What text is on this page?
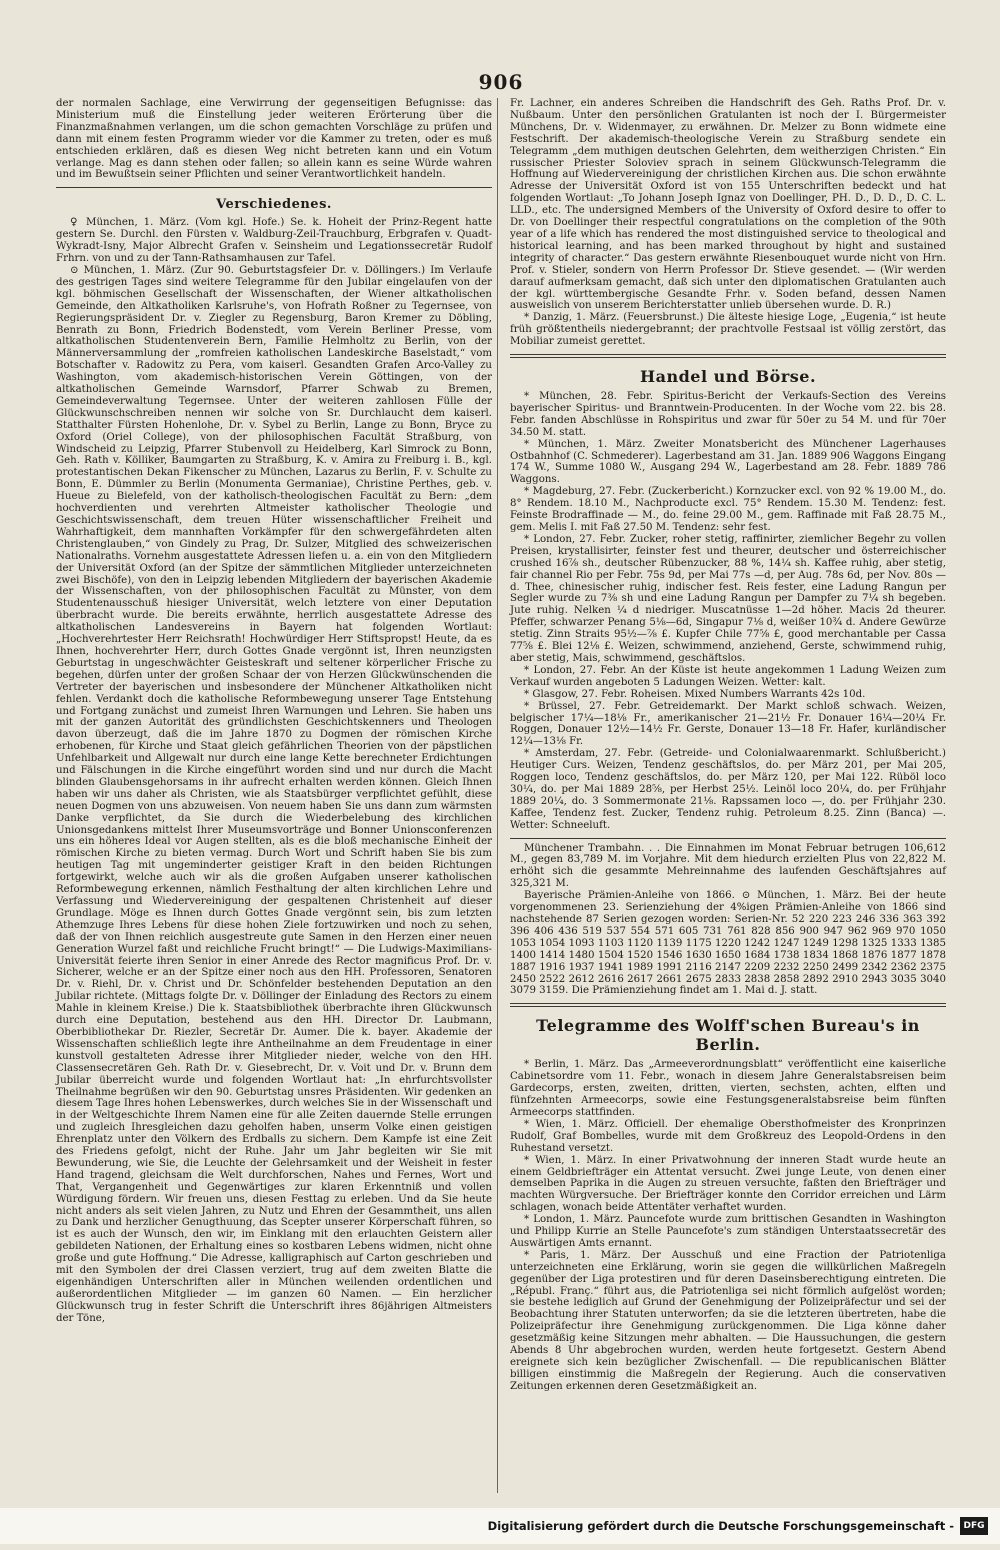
906

der normalen Sachlage, eine Verwirrung der gegenseitigen Befugnisse: das Ministerium muß die Einstellung jeder weiteren Erörterung über die Finanzmaßnahmen verlangen, um die schon gemachten Vorschläge zu prüfen und dann mit einem festen Programm wieder vor die Kammer zu treten, oder es muß entschieden erklären, daß es diesen Weg nicht betreten kann und ein Votum verlange. Mag es dann stehen oder fallen; so allein kann es seine Würde wahren und im Bewußtsein seiner Pflichten und seiner Verantwortlichkeit handeln.

Verschiedenes.

♀ München, 1. März. (Vom kgl. Hofe.) Se. k. Hoheit der Prinz-Regent hatte gestern Se. Durchl. den Fürsten v. Waldburg-Zeil-Trauchburg, Erbgrafen v. Quadt-Wykradt-Isny, Major Albrecht Grafen v. Seinsheim und Legationssecretär Rudolf Frhrn. von und zu der Tann-Rathsamhausen zur Tafel.

⊙ München, 1. März. (Zur 90. Geburtstagsfeier Dr. v. Döllingers.) Im Verlaufe des gestrigen Tages sind weitere Telegramme für den Jubilar eingelaufen von der kgl. böhmischen Gesellschaft der Wissenschaften, der Wiener altkatholischen Gemeinde, den Altkatholiken Karlsruhe's, von Hofrath Roßner zu Tegernsee, von Regierungspräsident Dr. v. Ziegler zu Regensburg, Baron Kremer zu Döbling, Benrath zu Bonn, Friedrich Bodenstedt, vom Verein Berliner Presse, vom altkatholischen Studentenverein Bern, Familie Helmholtz zu Berlin, von der Männerversammlung der „romfreien katholischen Landeskirche Baselstadt,“ vom Botschafter v. Radowitz zu Pera, vom kaiserl. Gesandten Grafen Arco-Valley zu Washington, vom akademisch-historischen Verein Göttingen, von der altkatholischen Gemeinde Warnsdorf, Pfarrer Schwab zu Bremen, Gemeindeverwaltung Tegernsee. Unter der weiteren zahllosen Fülle der Glückwunschschreiben nennen wir solche von Sr. Durchlaucht dem kaiserl. Statthalter Fürsten Hohenlohe, Dr. v. Sybel zu Berlin, Lange zu Bonn, Bryce zu Oxford (Oriel College), von der philosophischen Facultät Straßburg, von Windscheid zu Leipzig, Pfarrer Stubenvoll zu Heidelberg, Karl Simrock zu Bonn, Geh. Rath v. Kölliker, Baumgarten zu Straßburg, K. v. Amira zu Freiburg i. B., kgl. protestantischen Dekan Fikenscher zu München, Lazarus zu Berlin, F. v. Schulte zu Bonn, E. Dümmler zu Berlin (Monumenta Germaniae), Christine Perthes, geb. v. Hueue zu Bielefeld, von der katholisch-theologischen Facultät zu Bern: „dem hochverdienten und verehrten Altmeister katholischer Theologie und Geschichtswissenschaft, dem treuen Hüter wissenschaftlicher Freiheit und Wahrhaftigkeit, dem mannhaften Vorkämpfer für den schwergefährdeten alten Christenglauben,“ von Gindely zu Prag, Dr. Sulzer, Mitglied des schweizerischen Nationalraths. Vornehm ausgestattete Adressen liefen u. a. ein von den Mitgliedern der Universität Oxford (an der Spitze der sämmtlichen Mitglieder unterzeichneten zwei Bischöfe), von den in Leipzig lebenden Mitgliedern der bayerischen Akademie der Wissenschaften, von der philosophischen Facultät zu Münster, von dem Studentenausschuß hiesiger Universität, welch letztere von einer Deputation überbracht wurde. Die bereits erwähnte, herrlich ausgestattete Adresse des altkatholischen Landesvereins in Bayern hat folgenden Wortlaut: „Hochverehrtester Herr Reichsrath! Hochwürdiger Herr Stiftspropst! Heute, da es Ihnen, hochverehrter Herr, durch Gottes Gnade vergönnt ist, Ihren neunzigsten Geburtstag in ungeschwächter Geisteskraft und seltener körperlicher Frische zu begehen, dürfen unter der großen Schaar der von Herzen Glückwünschenden die Vertreter der bayerischen und insbesondere der Münchener Altkatholiken nicht fehlen. Verdankt doch die katholische Reformbewegung unserer Tage Entstehung und Fortgang zunächst und zumeist Ihren Warnungen und Lehren. Sie haben uns mit der ganzen Autorität des gründlichsten Geschichtskenners und Theologen davon überzeugt, daß die im Jahre 1870 zu Dogmen der römischen Kirche erhobenen, für Kirche und Staat gleich gefährlichen Theorien von der päpstlichen Unfehlbarkeit und Allgewalt nur durch eine lange Kette berechneter Erdichtungen und Fälschungen in die Kirche eingeführt worden sind und nur durch die Macht blinden Glaubensgehorsams in ihr aufrecht erhalten werden können. Gleich Ihnen haben wir uns daher als Christen, wie als Staatsbürger verpflichtet gefühlt, diese neuen Dogmen von uns abzuweisen. Von neuem haben Sie uns dann zum wärmsten Danke verpflichtet, da Sie durch die Wiederbelebung des kirchlichen Unionsgedankens mittelst Ihrer Museumsvorträge und Bonner Unionsconferenzen uns ein höheres Ideal vor Augen stellten, als es die bloß mechanische Einheit der römischen Kirche zu bieten vermag. Durch Wort und Schrift haben Sie bis zum heutigen Tag mit ungeminderter geistiger Kraft in den beiden Richtungen fortgewirkt, welche auch wir als die großen Aufgaben unserer katholischen Reformbewegung erkennen, nämlich Festhaltung der alten kirchlichen Lehre und Verfassung und Wiedervereinigung der gespaltenen Christenheit auf dieser Grundlage. Möge es Ihnen durch Gottes Gnade vergönnt sein, bis zum letzten Athemzuge Ihres Lebens für diese hohen Ziele fortzuwirken und noch zu sehen, daß der von Ihnen reichlich ausgestreute gute Samen in den Herzen einer neuen Generation Wurzel faßt und reichliche Frucht bringt!“ — Die Ludwigs-Maximilians-Universität feierte ihren Senior in einer Anrede des Rector magnificus Prof. Dr. v. Sicherer, welche er an der Spitze einer noch aus den HH. Professoren, Senatoren Dr. v. Riehl, Dr. v. Christ und Dr. Schönfelder bestehenden Deputation an den Jubilar richtete. (Mittags folgte Dr. v. Döllinger der Einladung des Rectors zu einem Mahle in kleinem Kreise.) Die k. Staatsbibliothek überbrachte ihren Glückwunsch durch eine Deputation, bestehend aus den HH. Director Dr. Laubmann, Oberbibliothekar Dr. Riezler, Secretär Dr. Aumer. Die k. bayer. Akademie der Wissenschaften schließlich legte ihre Antheilnahme an dem Freudentage in einer kunstvoll gestalteten Adresse ihrer Mitglieder nieder, welche von den HH. Classensecretären Geh. Rath Dr. v. Giesebrecht, Dr. v. Voit und Dr. v. Brunn dem Jubilar überreicht wurde und folgenden Wortlaut hat: „In ehrfurchtsvollster Theilnahme begrüßen wir den 90. Geburtstag unsres Präsidenten. Wir gedenken an diesem Tage Ihres hohen Lebenswerkes, durch welches Sie in der Wissenschaft und in der Weltgeschichte Ihrem Namen eine für alle Zeiten dauernde Stelle errungen und zugleich Ihresgleichen dazu geholfen haben, unserm Volke einen geistigen Ehrenplatz unter den Völkern des Erdballs zu sichern. Dem Kampfe ist eine Zeit des Friedens gefolgt, nicht der Ruhe. Jahr um Jahr begleiten wir Sie mit Bewunderung, wie Sie, die Leuchte der Gelehrsamkeit und der Weisheit in fester Hand tragend, gleichsam die Welt durchforschen, Nahes und Fernes, Wort und That, Vergangenheit und Gegenwärtiges zur klaren Erkenntniß und vollen Würdigung fördern. Wir freuen uns, diesen Festtag zu erleben. Und da Sie heute nicht anders als seit vielen Jahren, zu Nutz und Ehren der Gesammtheit, uns allen zu Dank und herzlicher Genugthuung, das Scepter unserer Körperschaft führen, so ist es auch der Wunsch, den wir, im Einklang mit den erlauchten Geistern aller gebildeten Nationen, der Erhaltung eines so kostbaren Lebens widmen, nicht ohne große und gute Hoffnung.“ Die Adresse, kalligraphisch auf Carton geschrieben und mit den Symbolen der drei Classen verziert, trug auf dem zweiten Blatte die eigenhändigen Unterschriften aller in München weilenden ordentlichen und außerordentlichen Mitglieder — im ganzen 60 Namen. — Ein herzlicher Glückwunsch trug in fester Schrift die Unterschrift ihres 86jährigen Altmeisters der Töne,

Fr. Lachner, ein anderes Schreiben die Handschrift des Geh. Raths Prof. Dr. v. Nußbaum. Unter den persönlichen Gratulanten ist noch der I. Bürgermeister Münchens, Dr. v. Widenmayer, zu erwähnen. Dr. Melzer zu Bonn widmete eine Festschrift. Der akademisch-theologische Verein zu Straßburg sendete ein Telegramm „dem muthigen deutschen Gelehrten, dem weitherzigen Christen.“ Ein russischer Priester Soloviev sprach in seinem Glückwunsch-Telegramm die Hoffnung auf Wiedervereinigung der christlichen Kirchen aus. Die schon erwähnte Adresse der Universität Oxford ist von 155 Unterschriften bedeckt und hat folgenden Wortlaut: „To Johann Joseph Ignaz von Doellinger, PH. D., D. D., D. C. L. LLD., etc. The undersigned Members of the University of Oxford desire to offer to Dr. von Doellinger their respectful congratulations on the completion of the 90th year of a life which has rendered the most distinguished service to theological and historical learning, and has been marked throughout by hight and sustained integrity of character.“ Das gestern erwähnte Riesenbouquet wurde nicht von Hrn. Prof. v. Stieler, sondern von Herrn Professor Dr. Stieve gesendet. — (Wir werden darauf aufmerksam gemacht, daß sich unter den diplomatischen Gratulanten auch der kgl. württembergische Gesandte Frhr. v. Soden befand, dessen Namen ausweislich von unserem Berichterstatter unlieb übersehen wurde. D. R.)

* Danzig, 1. März. (Feuersbrunst.) Die älteste hiesige Loge, „Eugenia,“ ist heute früh größtentheils niedergebrannt; der prachtvolle Festsaal ist völlig zerstört, das Mobiliar zumeist gerettet.

Handel und Börse.

* München, 28. Febr. Spiritus-Bericht der Verkaufs-Section des Vereins bayerischer Spiritus- und Branntwein-Producenten. In der Woche vom 22. bis 28. Febr. fanden Abschlüsse in Rohspiritus und zwar für 50er zu 54 M. und für 70er 34.50 M. statt.

* München, 1. März. Zweiter Monatsbericht des Münchener Lagerhauses Ostbahnhof (C. Schmederer). Lagerbestand am 31. Jan. 1889 906 Waggons Eingang 174 W., Summe 1080 W., Ausgang 294 W., Lagerbestand am 28. Febr. 1889 786 Waggons.

* Magdeburg, 27. Febr. (Zuckerbericht.) Kornzucker excl. von 92 % 19.00 M., do. 8° Rendem. 18.10 M., Nachproducte excl. 75° Rendem. 15.30 M. Tendenz: fest. Feinste Brodraffinade — M., do. feine 29.00 M., gem. Raffinade mit Faß 28.75 M., gem. Melis I. mit Faß 27.50 M. Tendenz: sehr fest.

* London, 27. Febr. Zucker, roher stetig, raffinirter, ziemlicher Begehr zu vollen Preisen, krystallisirter, feinster fest und theurer, deutscher und österreichischer crushed 16⅞ sh., deutscher Rübenzucker, 88 %, 14¼ sh. Kaffee ruhig, aber stetig, fair channel Rio per Febr. 75s 9d, per Mai 77s —d, per Aug. 78s 6d, per Nov. 80s —d. Thee, chinesischer ruhig, indischer fest. Reis fester, eine Ladung Rangun per Segler wurde zu 7⅜ sh und eine Ladung Rangun per Dampfer zu 7¼ sh begeben. Jute ruhig. Nelken ¼ d niedriger. Muscatnüsse 1—2d höher. Macis 2d theurer. Pfeffer, schwarzer Penang 5⅛—6d, Singapur 7⅛ d, weißer 10¾ d. Andere Gewürze stetig. Zinn Straits 95½—⅞ £. Kupfer Chile 77⅝ £, good merchantable per Cassa 77⅝ £. Blei 12⅛ £. Weizen, schwimmend, anziehend, Gerste, schwimmend ruhig, aber stetig, Mais, schwimmend, geschäftslos.

* London, 27. Febr. An der Küste ist heute angekommen 1 Ladung Weizen zum Verkauf wurden angeboten 5 Ladungen Weizen. Wetter: kalt.

* Glasgow, 27. Febr. Roheisen. Mixed Numbers Warrants 42s 10d.

* Brüssel, 27. Febr. Getreidemarkt. Der Markt schloß schwach. Weizen, belgischer 17¼—18⅛ Fr., amerikanischer 21—21½ Fr. Donauer 16¼—20¼ Fr. Roggen, Donauer 12½—14½ Fr. Gerste, Donauer 13—18 Fr. Hafer, kurländischer 12¼—13⅛ Fr.

* Amsterdam, 27. Febr. (Getreide- und Colonialwaarenmarkt. Schlußbericht.) Heutiger Curs. Weizen, Tendenz geschäftslos, do. per März 201, per Mai 205, Roggen loco, Tendenz geschäftslos, do. per März 120, per Mai 122. Rüböl loco 30¼, do. per Mai 1889 28⅝, per Herbst 25½. Leinöl loco 20¼, do. per Frühjahr 1889 20¼, do. 3 Sommermonate 21⅛. Rapssamen loco —, do. per Frühjahr 230. Kaffee, Tendenz fest. Zucker, Tendenz ruhig. Petroleum 8.25. Zinn (Banca) —. Wetter: Schneeluft.

Münchener Trambahn. . . Die Einnahmen im Monat Februar betrugen 106,612 M., gegen 83,789 M. im Vorjahre. Mit dem hiedurch erzielten Plus von 22,822 M. erhöht sich die gesammte Mehreinnahme des laufenden Geschäftsjahres auf 325,321 M.

Bayerische Prämien-Anleihe von 1866. ⊙ München, 1. März. Bei der heute vorgenommenen 23. Serienziehung der 4%igen Prämien-Anleihe von 1866 sind nachstehende 87 Serien gezogen worden: Serien-Nr. 52 220 223 246 336 363 392 396 406 436 519 537 554 571 605 731 761 828 856 900 947 962 969 970 1050 1053 1054 1093 1103 1120 1139 1175 1220 1242 1247 1249 1298 1325 1333 1385 1400 1414 1480 1504 1520 1546 1630 1650 1684 1738 1834 1868 1876 1877 1878 1887 1916 1937 1941 1989 1991 2116 2147 2209 2232 2250 2499 2342 2362 2375 2450 2522 2612 2616 2617 2661 2675 2833 2838 2858 2892 2910 2943 3035 3040 3079 3159. Die Prämienziehung findet am 1. Mai d. J. statt.

Telegramme des Wolff'schen Bureau's in Berlin.

* Berlin, 1. März. Das „Armeeverordnungsblatt“ veröffentlicht eine kaiserliche Cabinetsordre vom 11. Febr., wonach in diesem Jahre Generalstabsreisen beim Gardecorps, ersten, zweiten, dritten, vierten, sechsten, achten, elften und fünfzehnten Armeecorps, sowie eine Festungsgeneralstabsreise beim fünften Armeecorps stattfinden.

* Wien, 1. März. Officiell. Der ehemalige Obersthofmeister des Kronprinzen Rudolf, Graf Bombelles, wurde mit dem Großkreuz des Leopold-Ordens in den Ruhestand versetzt.

* Wien, 1. März. In einer Privatwohnung der inneren Stadt wurde heute an einem Geldbriefträger ein Attentat versucht. Zwei junge Leute, von denen einer demselben Paprika in die Augen zu streuen versuchte, faßten den Briefträger und machten Würgversuche. Der Briefträger konnte den Corridor erreichen und Lärm schlagen, wonach beide Attentäter verhaftet wurden.

* London, 1. März. Pauncefote wurde zum brittischen Gesandten in Washington und Philipp Kurrie an Stelle Pauncefote's zum ständigen Unterstaatssecretär des Auswärtigen Amts ernannt.

* Paris, 1. März. Der Ausschuß und eine Fraction der Patriotenliga unterzeichneten eine Erklärung, worin sie gegen die willkürlichen Maßregeln gegenüber der Liga protestiren und für deren Daseinsberechtigung eintreten. Die „Républ. Franç.“ führt aus, die Patriotenliga sei nicht förmlich aufgelöst worden; sie bestehe lediglich auf Grund der Genehmigung der Polizeipräfectur und sei der Beobachtung ihrer Statuten unterworfen; da sie die letzteren übertreten, habe die Polizeipräfectur ihre Genehmigung zurückgenommen. Die Liga könne daher gesetzmäßig keine Sitzungen mehr abhalten. — Die Haussuchungen, die gestern Abends 8 Uhr abgebrochen wurden, werden heute fortgesetzt. Gestern Abend ereignete sich kein bezüglicher Zwischenfall. — Die republicanischen Blätter billigen einstimmig die Maßregeln der Regierung. Auch die conservativen Zeitungen erkennen deren Gesetzmäßigkeit an.

Digitalisierung gefördert durch die Deutsche Forschungsgemeinschaft -	DFG
